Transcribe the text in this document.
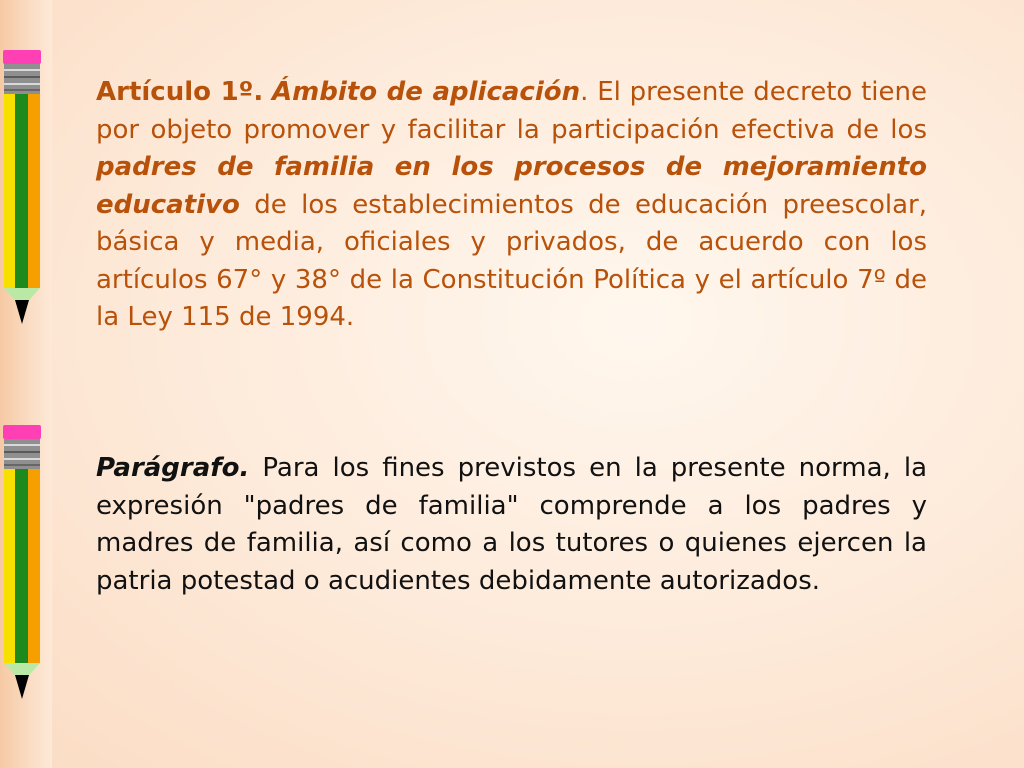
Artículo 1º. Ámbito de aplicación. El presente decreto tiene por objeto promover y facilitar la participación efectiva de los padres de familia en los procesos de mejoramiento educativo de los establecimientos de educación preescolar, básica y media, oficiales y privados, de acuerdo con los artículos 67° y 38° de la Constitución Política y el artículo 7º de la Ley 115 de 1994.

Parágrafo. Para los fines previstos en la presente norma, la expresión "padres de familia" comprende a los padres y madres de familia, así como a los tutores o quienes ejercen la patria potestad o acudientes debidamente autorizados.
